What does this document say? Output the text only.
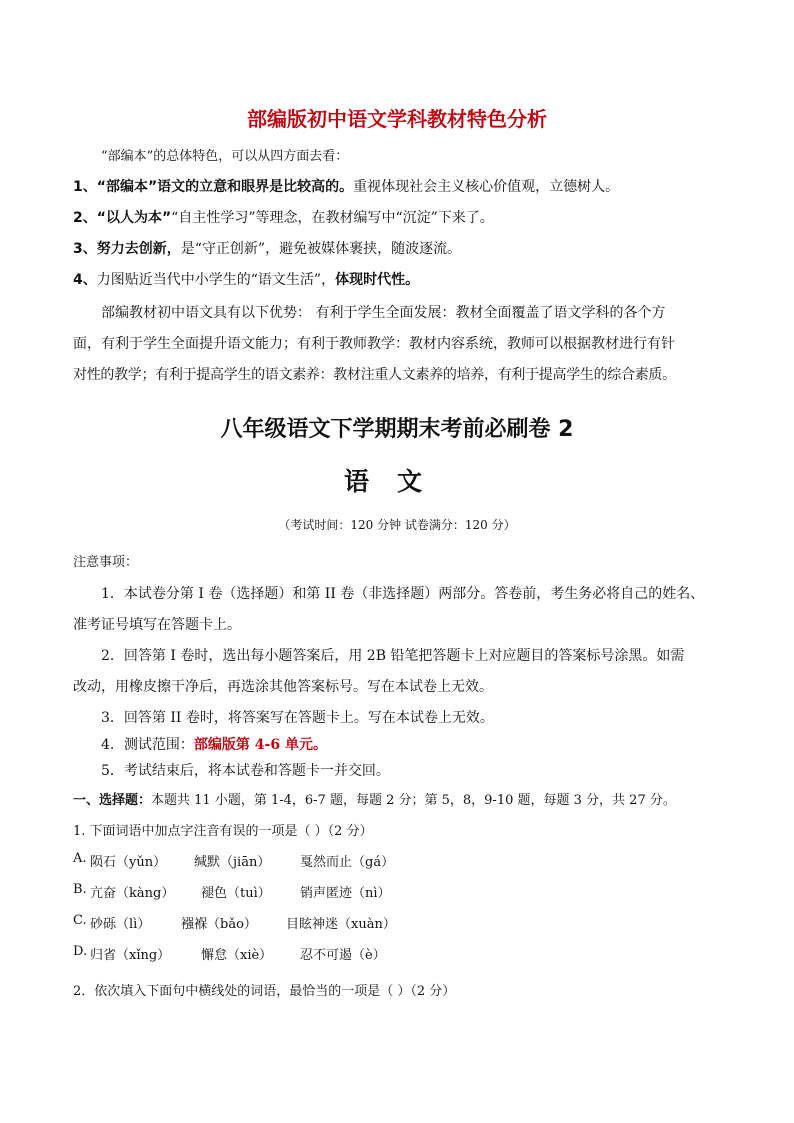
部编版初中语文学科教材特色分析
“部编本”的总体特色，可以从四方面去看：
1、“部编本”语文的立意和眼界是比较高的。重视体现社会主义核心价值观，立德树人。
2、“以人为本”“自主性学习”等理念，在教材编写中“沉淀”下来了。
3、努力去创新，是“守正创新”，避免被媒体裹挟，随波逐流。
4、力图贴近当代中小学生的“语文生活”，体现时代性。
部编教材初中语文具有以下优势： 有利于学生全面发展：教材全面覆盖了语文学科的各个方
面，有利于学生全面提升语文能力；有利于教师教学：教材内容系统，教师可以根据教材进行有针
对性的教学；有利于提高学生的语文素养：教材注重人文素养的培养，有利于提高学生的综合素质。
八年级语文下学期期末考前必刷卷 2
语文
（考试时间：120 分钟 试卷满分：120 分）
注意事项：
1．本试卷分第 I 卷（选择题）和第 II 卷（非选择题）两部分。答卷前，考生务必将自己的姓名、
准考证号填写在答题卡上。
2．回答第 I 卷时，选出每小题答案后，用 2B 铅笔把答题卡上对应题目的答案标号涂黑。如需
改动，用橡皮擦干净后，再选涂其他答案标号。写在本试卷上无效。
3．回答第 II 卷时，将答案写在答题卡上。写在本试卷上无效。
4．测试范围：部编版第 4-6 单元。
5．考试结束后，将本试卷和答题卡一并交回。
一、选择题：本题共 11 小题，第 1-4，6-7 题，每题 2 分；第 5，8，9-10 题，每题 3 分，共 27 分。
1. 下面词语中加点字注音有误的一项是（ ）（2 分）
A. 陨石（yǔn） 缄默（jiān） 戛然而止（gá）
B. 亢奋（kàng） 褪色（tuì） 销声匿迹（nì）
C. 砂砾（lì） 襁褓（bǎo） 目眩神迷（xuàn）
D. 归省（xǐng） 懈怠（xiè） 忍不可遏（è）
2．依次填入下面句中横线处的词语，最恰当的一项是（ ）（2 分）
